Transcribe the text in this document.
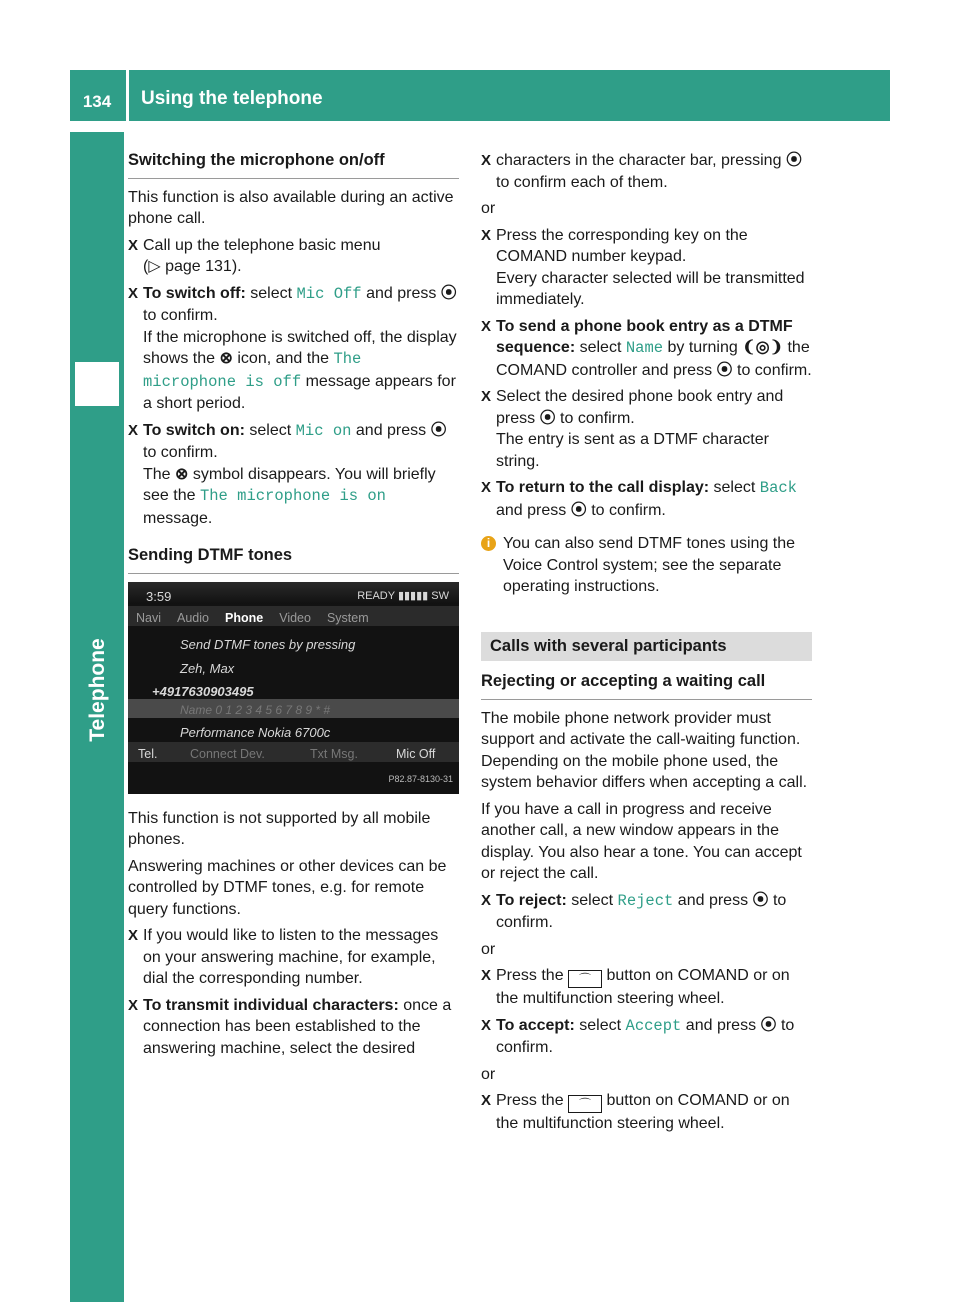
134	Using the telephone
Telephone
Switching the microphone on/off

This function is also available during an active phone call.

X Call up the telephone basic menu
(▷ page 131).
X To switch off: select Mic Off and press ⦿ to confirm.
If the microphone is switched off, the display shows the ⊗ icon, and the The microphone is off message appears for a short period.
X To switch on: select Mic on and press ⦿ to confirm.
The ⊗ symbol disappears. You will briefly see the The microphone is on message.
Sending DTMF tones
3:59	READY ▮▮▮▮▮ SW
Navi	Audio	Phone	Video	System
Send DTMF tones by pressing
Zeh, Max
+4917630903495
Name 0 1 2 3 4 5 6 7 8 9 * #
Performance Nokia 6700c
Tel.	Connect Dev.	Txt Msg.	Mic Off
P82.87-8130-31

This function is not supported by all mobile phones.

Answering machines or other devices can be controlled by DTMF tones, e.g. for remote query functions.

X If you would like to listen to the messages on your answering machine, for example, dial the corresponding number.
X To transmit individual characters: once a connection has been established to the answering machine, select the desired
X characters in the character bar, pressing ⦿ to confirm each of them.
or
X Press the corresponding key on the COMAND number keypad.
Every character selected will be transmitted immediately.
X To send a phone book entry as a DTMF sequence: select Name by turning ❨◎❩ the COMAND controller and press ⦿ to confirm.
X Select the desired phone book entry and press ⦿ to confirm.
The entry is sent as a DTMF character string.
X To return to the call display: select Back
and press ⦿ to confirm.
i You can also send DTMF tones using the Voice Control system; see the separate operating instructions.
Calls with several participants
Rejecting or accepting a waiting call

The mobile phone network provider must support and activate the call-waiting function. Depending on the mobile phone used, the system behavior differs when accepting a call.

If you have a call in progress and receive another call, a new window appears in the display. You also hear a tone. You can accept or reject the call.

X To reject: select Reject and press ⦿ to confirm.
or
X Press the ⌒ button on COMAND or on the multifunction steering wheel.
X To accept: select Accept and press ⦿ to confirm.
or
X Press the ⌒ button on COMAND or on the multifunction steering wheel.
